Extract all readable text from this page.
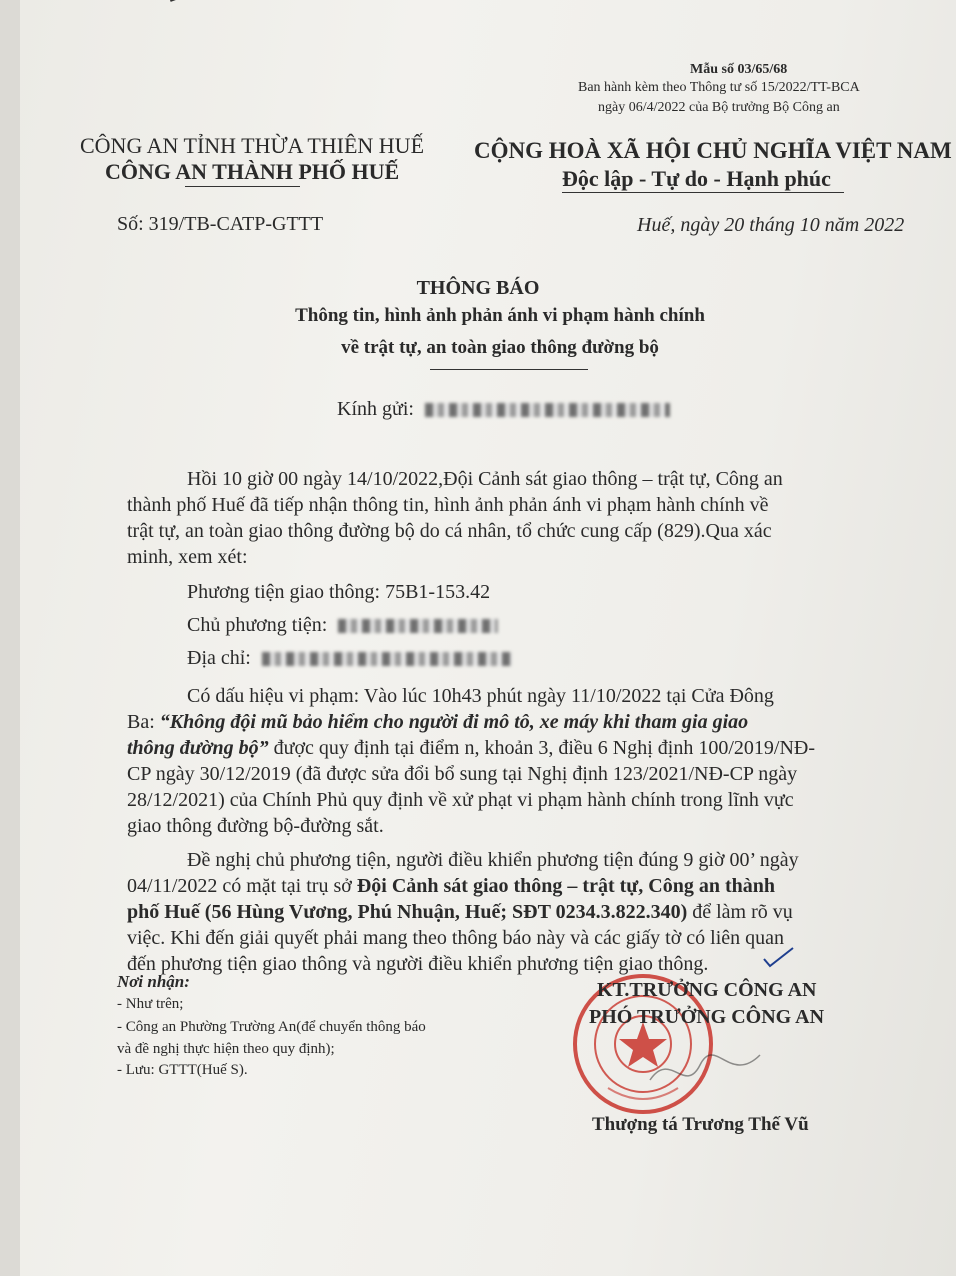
Mẫu số 03/65/68
Ban hành kèm theo Thông tư số 15/2022/TT-BCA
ngày 06/4/2022 của Bộ trưởng Bộ Công an
CÔNG AN TỈNH THỪA THIÊN HUẾ
CÔNG AN THÀNH PHỐ HUẾ
CỘNG HOÀ XÃ HỘI CHỦ NGHĨA VIỆT NAM
Độc lập - Tự do - Hạnh phúc
Số: 319/TB-CATP-GTTT	Huế, ngày 20 tháng 10 năm 2022
THÔNG BÁO
Thông tin, hình ảnh phản ánh vi phạm hành chính
về trật tự, an toàn giao thông đường bộ
Kính gửi:
Hồi 10 giờ 00 ngày 14/10/2022,Đội Cảnh sát giao thông – trật tự, Công an
thành phố Huế đã tiếp nhận thông tin, hình ảnh phản ánh vi phạm hành chính về
trật tự, an toàn giao thông đường bộ do cá nhân, tổ chức cung cấp (829).Qua xác
minh, xem xét:
Phương tiện giao thông: 75B1-153.42
Chủ phương tiện:
Địa chỉ:
Có dấu hiệu vi phạm: Vào lúc 10h43 phút ngày 11/10/2022 tại Cửa Đông
Ba: “Không đội mũ bảo hiểm cho người đi mô tô, xe máy khi tham gia giao
thông đường bộ” được quy định tại điểm n, khoản 3, điều 6 Nghị định 100/2019/NĐ-
CP ngày 30/12/2019 (đã được sửa đổi bổ sung tại Nghị định 123/2021/NĐ-CP ngày
28/12/2021) của Chính Phủ quy định về xử phạt vi phạm hành chính trong lĩnh vực
giao thông đường bộ-đường sắt.
Đề nghị chủ phương tiện, người điều khiển phương tiện đúng 9 giờ 00’ ngày
04/11/2022 có mặt tại trụ sở Đội Cảnh sát giao thông – trật tự, Công an thành
phố Huế (56 Hùng Vương, Phú Nhuận, Huế; SĐT 0234.3.822.340) để làm rõ vụ
việc. Khi đến giải quyết phải mang theo thông báo này và các giấy tờ có liên quan
đến phương tiện giao thông và người điều khiển phương tiện giao thông.
Nơi nhận:
- Như trên;
- Công an Phường Trường An(để chuyển thông báo
và đề nghị thực hiện theo quy định);
- Lưu: GTTT(Huế S).
KT.TRƯỞNG CÔNG AN
PHÓ TRƯỞNG CÔNG AN
Thượng tá Trương Thế Vũ
